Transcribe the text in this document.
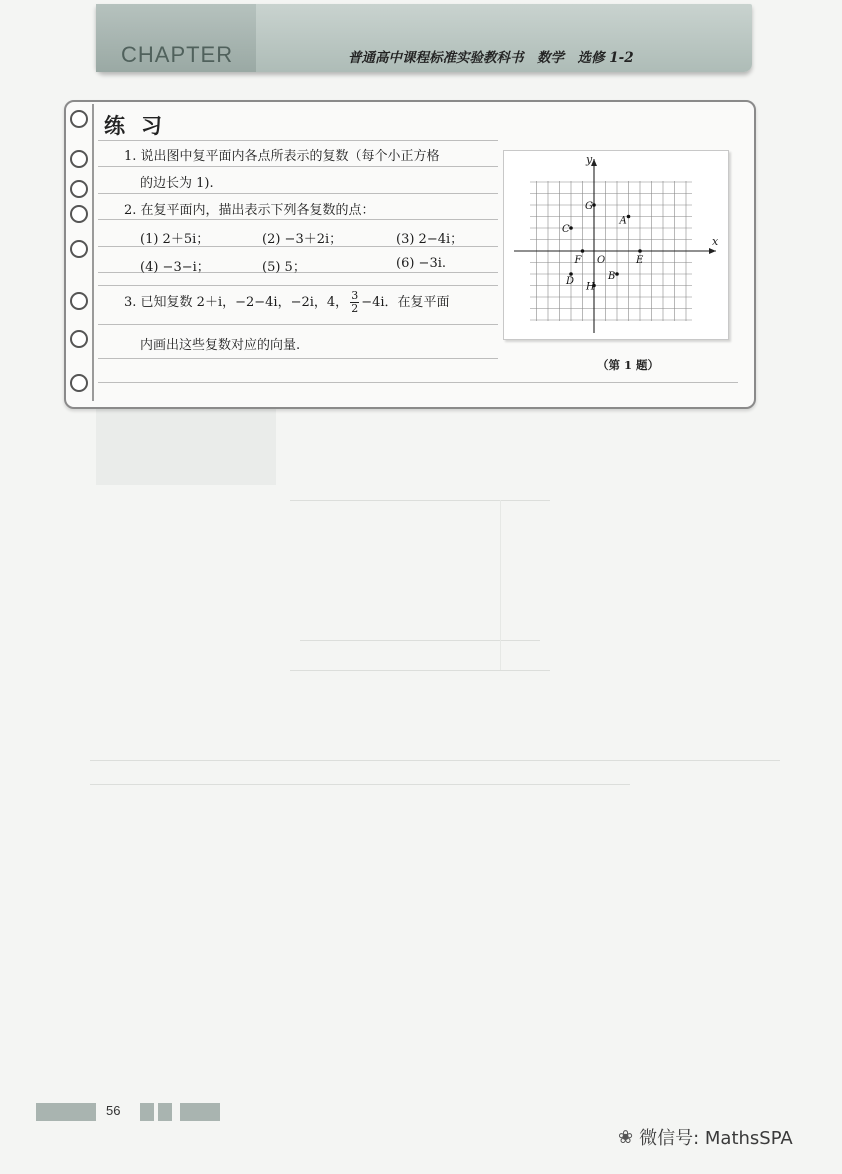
CHAPTER	普通高中课程标准实验教科书　数学　选修 1-2
练习
1. 说出图中复平面内各点所表示的复数（每个小正方格
的边长为 1).
2. 在复平面内，描出表示下列各复数的点：
(1) 2＋5i；	(2) −3＋2i；	(3) 2−4i；
(4) −3−i；	(5) 5；	(6) −3i.
3. 已知复数 2＋i，−2−4i，−2i，4， $\frac{3}{2} -4i$．在复平面
内画出这些复数对应的向量.
x
y
O
G
A
C
F	E
D	B
H
（第 1 题）
56
❀ 微信号: MathsSPA
